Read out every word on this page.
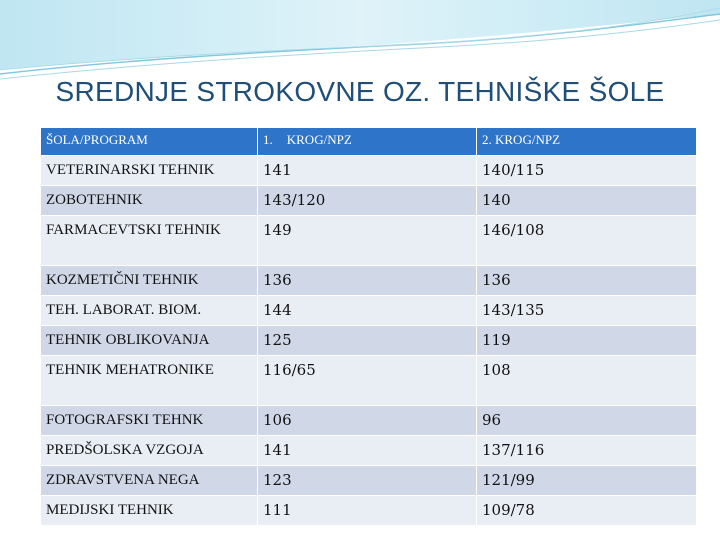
SREDNJE STROKOVNE OZ. TEHNIŠKE ŠOLE
ŠOLA/PROGRAM	1. KROG/NPZ	2. KROG/NPZ
VETERINARSKI TEHNIK	141	140/115
ZOBOTEHNIK	143/120	140
FARMACEVTSKI TEHNIK	149	146/108
KOZMETIČNI TEHNIK	136	136
TEH. LABORAT. BIOM.	144	143/135
TEHNIK OBLIKOVANJA	125	119
TEHNIK MEHATRONIKE	116/65	108
FOTOGRAFSKI TEHNK	106	96
PREDŠOLSKA VZGOJA	141	137/116
ZDRAVSTVENA NEGA	123	121/99
MEDIJSKI TEHNIK	111	109/78
